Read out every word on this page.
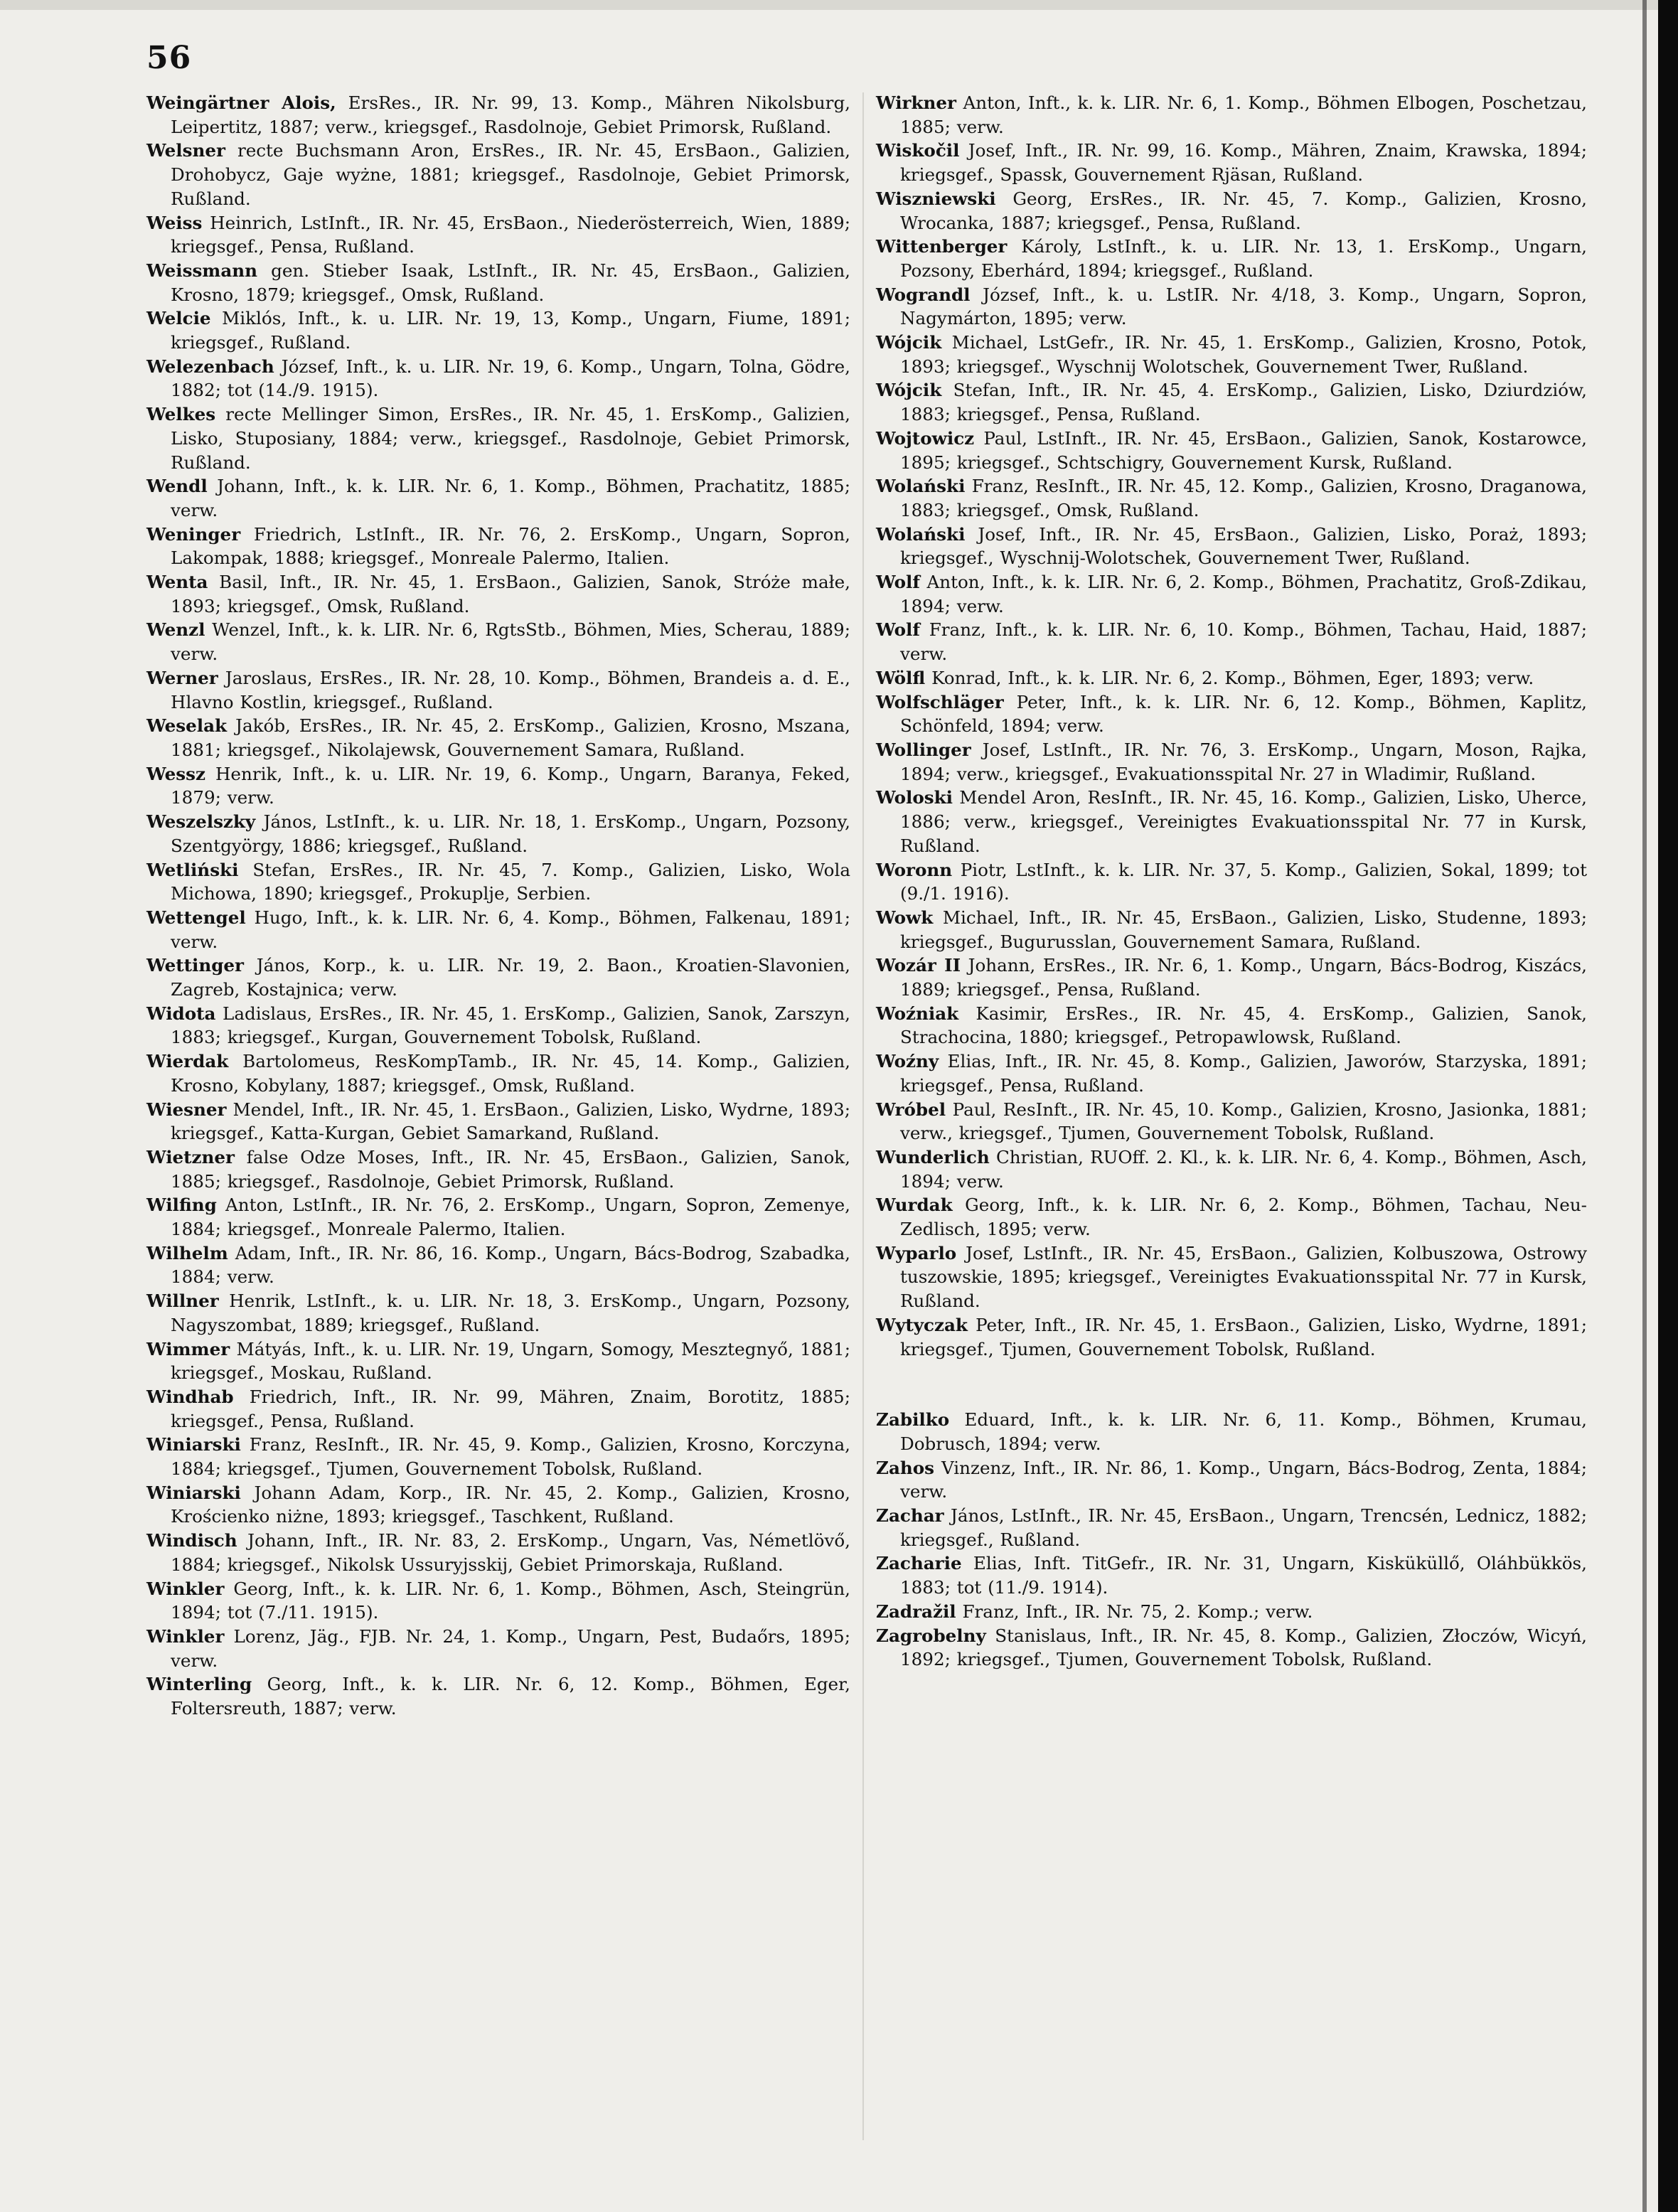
56
Weingärtner Alois, ErsRes., IR. Nr. 99, 13. Komp., Mähren Nikolsburg, Leipertitz, 1887; verw., kriegsgef., Rasdolnoje, Gebiet Primorsk, Rußland.
Welsner recte Buchsmann Aron, ErsRes., IR. Nr. 45, ErsBaon., Galizien, Drohobycz, Gaje wyżne, 1881; kriegsgef., Rasdolnoje, Gebiet Primorsk, Rußland.
Weiss Heinrich, LstInft., IR. Nr. 45, ErsBaon., Niederösterreich, Wien, 1889; kriegsgef., Pensa, Rußland.
Weissmann gen. Stieber Isaak, LstInft., IR. Nr. 45, ErsBaon., Galizien, Krosno, 1879; kriegsgef., Omsk, Rußland.
Welcie Miklós, Inft., k. u. LIR. Nr. 19, 13, Komp., Ungarn, Fiume, 1891; kriegsgef., Rußland.
Welezenbach József, Inft., k. u. LIR. Nr. 19, 6. Komp., Ungarn, Tolna, Gödre, 1882; tot (14./9. 1915).
Welkes recte Mellinger Simon, ErsRes., IR. Nr. 45, 1. ErsKomp., Galizien, Lisko, Stuposiany, 1884; verw., kriegsgef., Rasdolnoje, Gebiet Primorsk, Rußland.
Wendl Johann, Inft., k. k. LIR. Nr. 6, 1. Komp., Böhmen, Prachatitz, 1885; verw.
Weninger Friedrich, LstInft., IR. Nr. 76, 2. ErsKomp., Ungarn, Sopron, Lakompak, 1888; kriegsgef., Monreale Palermo, Italien.
Wenta Basil, Inft., IR. Nr. 45, 1. ErsBaon., Galizien, Sanok, Stróże małe, 1893; kriegsgef., Omsk, Rußland.
Wenzl Wenzel, Inft., k. k. LIR. Nr. 6, RgtsStb., Böhmen, Mies, Scherau, 1889; verw.
Werner Jaroslaus, ErsRes., IR. Nr. 28, 10. Komp., Böhmen, Brandeis a. d. E., Hlavno Kostlin, kriegsgef., Rußland.
Weselak Jakób, ErsRes., IR. Nr. 45, 2. ErsKomp., Galizien, Krosno, Mszana, 1881; kriegsgef., Nikolajewsk, Gouvernement Samara, Rußland.
Wessz Henrik, Inft., k. u. LIR. Nr. 19, 6. Komp., Ungarn, Baranya, Feked, 1879; verw.
Weszelszky János, LstInft., k. u. LIR. Nr. 18, 1. ErsKomp., Ungarn, Pozsony, Szentgyörgy, 1886; kriegsgef., Rußland.
Wetliński Stefan, ErsRes., IR. Nr. 45, 7. Komp., Galizien, Lisko, Wola Michowa, 1890; kriegsgef., Prokuplje, Serbien.
Wettengel Hugo, Inft., k. k. LIR. Nr. 6, 4. Komp., Böhmen, Falkenau, 1891; verw.
Wettinger János, Korp., k. u. LIR. Nr. 19, 2. Baon., Kroatien-Slavonien, Zagreb, Kostajnica; verw.
Widota Ladislaus, ErsRes., IR. Nr. 45, 1. ErsKomp., Galizien, Sanok, Zarszyn, 1883; kriegsgef., Kurgan, Gouvernement Tobolsk, Rußland.
Wierdak Bartolomeus, ResKompTamb., IR. Nr. 45, 14. Komp., Galizien, Krosno, Kobylany, 1887; kriegsgef., Omsk, Rußland.
Wiesner Mendel, Inft., IR. Nr. 45, 1. ErsBaon., Galizien, Lisko, Wydrne, 1893; kriegsgef., Katta-Kurgan, Gebiet Samarkand, Rußland.
Wietzner false Odze Moses, Inft., IR. Nr. 45, ErsBaon., Galizien, Sanok, 1885; kriegsgef., Rasdolnoje, Gebiet Primorsk, Rußland.
Wilfing Anton, LstInft., IR. Nr. 76, 2. ErsKomp., Ungarn, Sopron, Zemenye, 1884; kriegsgef., Monreale Palermo, Italien.
Wilhelm Adam, Inft., IR. Nr. 86, 16. Komp., Ungarn, Bács-Bodrog, Szabadka, 1884; verw.
Willner Henrik, LstInft., k. u. LIR. Nr. 18, 3. ErsKomp., Ungarn, Pozsony, Nagyszombat, 1889; kriegsgef., Rußland.
Wimmer Mátyás, Inft., k. u. LIR. Nr. 19, Ungarn, Somogy, Mesztegnyő, 1881; kriegsgef., Moskau, Rußland.
Windhab Friedrich, Inft., IR. Nr. 99, Mähren, Znaim, Borotitz, 1885; kriegsgef., Pensa, Rußland.
Winiarski Franz, ResInft., IR. Nr. 45, 9. Komp., Galizien, Krosno, Korczyna, 1884; kriegsgef., Tjumen, Gouvernement Tobolsk, Rußland.
Winiarski Johann Adam, Korp., IR. Nr. 45, 2. Komp., Galizien, Krosno, Krościenko niżne, 1893; kriegsgef., Taschkent, Rußland.
Windisch Johann, Inft., IR. Nr. 83, 2. ErsKomp., Ungarn, Vas, Németlövő, 1884; kriegsgef., Nikolsk Ussuryjsskij, Gebiet Primorskaja, Rußland.
Winkler Georg, Inft., k. k. LIR. Nr. 6, 1. Komp., Böhmen, Asch, Steingrün, 1894; tot (7./11. 1915).
Winkler Lorenz, Jäg., FJB. Nr. 24, 1. Komp., Ungarn, Pest, Budaőrs, 1895; verw.
Winterling Georg, Inft., k. k. LIR. Nr. 6, 12. Komp., Böhmen, Eger, Foltersreuth, 1887; verw.
Wirkner Anton, Inft., k. k. LIR. Nr. 6, 1. Komp., Böhmen Elbogen, Poschetzau, 1885; verw.
Wiskočil Josef, Inft., IR. Nr. 99, 16. Komp., Mähren, Znaim, Krawska, 1894; kriegsgef., Spassk, Gouvernement Rjäsan, Rußland.
Wiszniewski Georg, ErsRes., IR. Nr. 45, 7. Komp., Galizien, Krosno, Wrocanka, 1887; kriegsgef., Pensa, Rußland.
Wittenberger Károly, LstInft., k. u. LIR. Nr. 13, 1. ErsKomp., Ungarn, Pozsony, Eberhárd, 1894; kriegsgef., Rußland.
Wograndl József, Inft., k. u. LstIR. Nr. 4/18, 3. Komp., Ungarn, Sopron, Nagymárton, 1895; verw.
Wójcik Michael, LstGefr., IR. Nr. 45, 1. ErsKomp., Galizien, Krosno, Potok, 1893; kriegsgef., Wyschnij Wolotschek, Gouvernement Twer, Rußland.
Wójcik Stefan, Inft., IR. Nr. 45, 4. ErsKomp., Galizien, Lisko, Dziurdziów, 1883; kriegsgef., Pensa, Rußland.
Wojtowicz Paul, LstInft., IR. Nr. 45, ErsBaon., Galizien, Sanok, Kostarowce, 1895; kriegsgef., Schtschigry, Gouvernement Kursk, Rußland.
Wolański Franz, ResInft., IR. Nr. 45, 12. Komp., Galizien, Krosno, Draganowa, 1883; kriegsgef., Omsk, Rußland.
Wolański Josef, Inft., IR. Nr. 45, ErsBaon., Galizien, Lisko, Poraż, 1893; kriegsgef., Wyschnij-Wolotschek, Gouvernement Twer, Rußland.
Wolf Anton, Inft., k. k. LIR. Nr. 6, 2. Komp., Böhmen, Prachatitz, Groß-Zdikau, 1894; verw.
Wolf Franz, Inft., k. k. LIR. Nr. 6, 10. Komp., Böhmen, Tachau, Haid, 1887; verw.
Wölfl Konrad, Inft., k. k. LIR. Nr. 6, 2. Komp., Böhmen, Eger, 1893; verw.
Wolfschläger Peter, Inft., k. k. LIR. Nr. 6, 12. Komp., Böhmen, Kaplitz, Schönfeld, 1894; verw.
Wollinger Josef, LstInft., IR. Nr. 76, 3. ErsKomp., Ungarn, Moson, Rajka, 1894; verw., kriegsgef., Evakuationsspital Nr. 27 in Wladimir, Rußland.
Woloski Mendel Aron, ResInft., IR. Nr. 45, 16. Komp., Galizien, Lisko, Uherce, 1886; verw., kriegsgef., Vereinigtes Evakuationsspital Nr. 77 in Kursk, Rußland.
Woronn Piotr, LstInft., k. k. LIR. Nr. 37, 5. Komp., Galizien, Sokal, 1899; tot (9./1. 1916).
Wowk Michael, Inft., IR. Nr. 45, ErsBaon., Galizien, Lisko, Studenne, 1893; kriegsgef., Bugurusslan, Gouvernement Samara, Rußland.
Wozár II Johann, ErsRes., IR. Nr. 6, 1. Komp., Ungarn, Bács-Bodrog, Kiszács, 1889; kriegsgef., Pensa, Rußland.
Woźniak Kasimir, ErsRes., IR. Nr. 45, 4. ErsKomp., Galizien, Sanok, Strachocina, 1880; kriegsgef., Petropawlowsk, Rußland.
Woźny Elias, Inft., IR. Nr. 45, 8. Komp., Galizien, Jaworów, Starzyska, 1891; kriegsgef., Pensa, Rußland.
Wróbel Paul, ResInft., IR. Nr. 45, 10. Komp., Galizien, Krosno, Jasionka, 1881; verw., kriegsgef., Tjumen, Gouvernement Tobolsk, Rußland.
Wunderlich Christian, RUOff. 2. Kl., k. k. LIR. Nr. 6, 4. Komp., Böhmen, Asch, 1894; verw.
Wurdak Georg, Inft., k. k. LIR. Nr. 6, 2. Komp., Böhmen, Tachau, Neu-Zedlisch, 1895; verw.
Wyparlo Josef, LstInft., IR. Nr. 45, ErsBaon., Galizien, Kolbuszowa, Ostrowy tuszowskie, 1895; kriegsgef., Vereinigtes Evakuationsspital Nr. 77 in Kursk, Rußland.
Wytyczak Peter, Inft., IR. Nr. 45, 1. ErsBaon., Galizien, Lisko, Wydrne, 1891; kriegsgef., Tjumen, Gouvernement Tobolsk, Rußland.
Zabilko Eduard, Inft., k. k. LIR. Nr. 6, 11. Komp., Böhmen, Krumau, Dobrusch, 1894; verw.
Zahos Vinzenz, Inft., IR. Nr. 86, 1. Komp., Ungarn, Bács-Bodrog, Zenta, 1884; verw.
Zachar János, LstInft., IR. Nr. 45, ErsBaon., Ungarn, Trencsén, Lednicz, 1882; kriegsgef., Rußland.
Zacharie Elias, Inft. TitGefr., IR. Nr. 31, Ungarn, Kisküküllő, Oláhbükkös, 1883; tot (11./9. 1914).
Zadražil Franz, Inft., IR. Nr. 75, 2. Komp.; verw.
Zagrobelny Stanislaus, Inft., IR. Nr. 45, 8. Komp., Galizien, Złoczów, Wicyń, 1892; kriegsgef., Tjumen, Gouvernement Tobolsk, Rußland.
